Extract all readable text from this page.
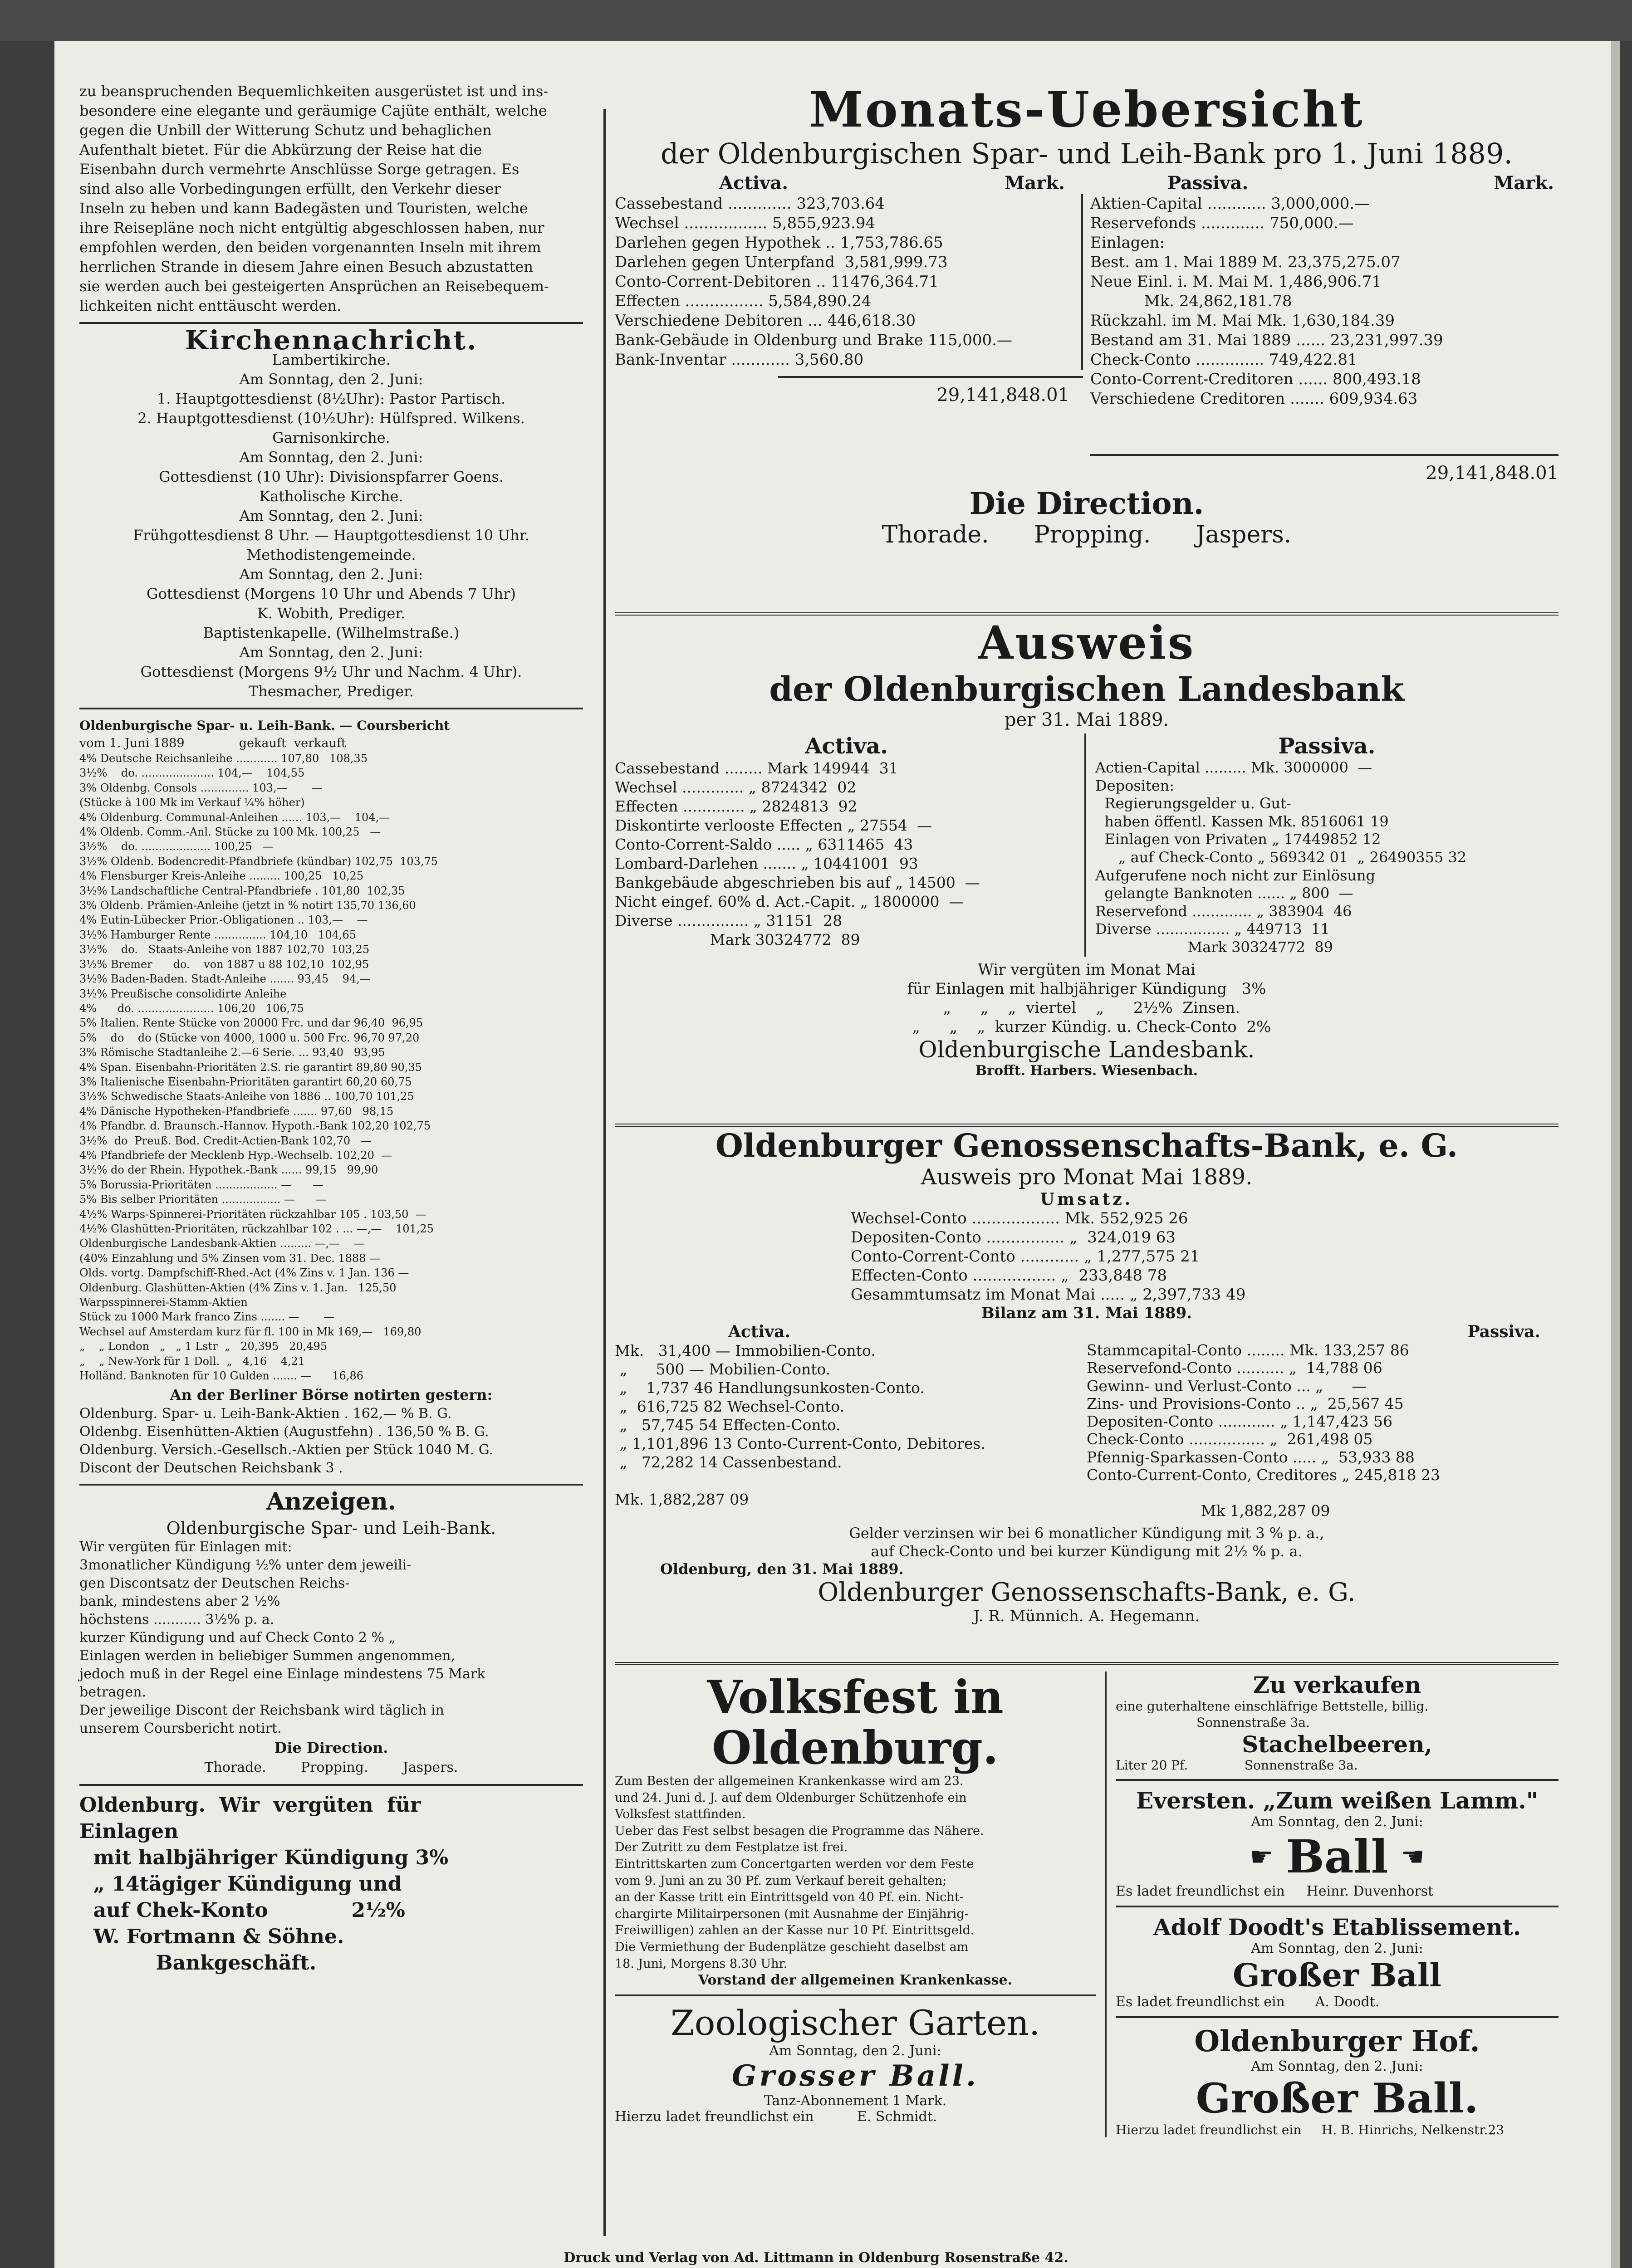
zu beanspruchenden Bequemlichkeiten ausgerüstet ist und ins-
besondere eine elegante und geräumige Cajüte enthält, welche
gegen die Unbill der Witterung Schutz und behaglichen
Aufenthalt bietet. Für die Abkürzung der Reise hat die
Eisenbahn durch vermehrte Anschlüsse Sorge getragen. Es
sind also alle Vorbedingungen erfüllt, den Verkehr dieser
Inseln zu heben und kann Badegästen und Touristen, welche
ihre Reisepläne noch nicht entgültig abgeschlossen haben, nur
empfohlen werden, den beiden vorgenannten Inseln mit ihrem
herrlichen Strande in diesem Jahre einen Besuch abzustatten
sie werden auch bei gesteigerten Ansprüchen an Reisebequem-
lichkeiten nicht enttäuscht werden.
Kirchennachricht.
Lambertikirche.
Am Sonntag, den 2. Juni:
1. Hauptgottesdienst (8½Uhr): Pastor Partisch.
2. Hauptgottesdienst (10½Uhr): Hülfspred. Wilkens.
Garnisonkirche.
Am Sonntag, den 2. Juni:
Gottesdienst (10 Uhr): Divisionspfarrer Goens.
Katholische Kirche.
Am Sonntag, den 2. Juni:
Frühgottesdienst 8 Uhr. — Hauptgottesdienst 10 Uhr.
Methodistengemeinde.
Am Sonntag, den 2. Juni:
Gottesdienst (Morgens 10 Uhr und Abends 7 Uhr)
K. Wobith, Prediger.
Baptistenkapelle. (Wilhelmstraße.)
Am Sonntag, den 2. Juni:
Gottesdienst (Morgens 9½ Uhr und Nachm. 4 Uhr).
Thesmacher, Prediger.
Oldenburgische Spar- u. Leih-Bank. — Coursbericht
vom 1. Juni 1889              gekauft  verkauft
4% Deutsche Reichsanleihe ............ 107,80   108,35
3½%    do. ..................... 104,—    104,55
3% Oldenbg. Consols .............. 103,—       —
(Stücke à 100 Mk im Verkauf ¼% höher)
4% Oldenburg. Communal-Anleihen ...... 103,—    104,—
4% Oldenb. Comm.-Anl. Stücke zu 100 Mk. 100,25   —
3½%    do. .................... 100,25   —
3½% Oldenb. Bodencredit-Pfandbriefe (kündbar) 102,75  103,75
4% Flensburger Kreis-Anleihe ......... 100,25   10,25
3½% Landschaftliche Central-Pfandbriefe . 101,80  102,35
3% Oldenb. Prämien-Anleihe (jetzt in % notirt 135,70 136,60
4% Eutin-Lübecker Prior.-Obligationen .. 103,—    —
3½% Hamburger Rente ............... 104,10   104,65
3½%    do.   Staats-Anleihe von 1887 102,70  103,25
3½% Bremer      do.    von 1887 u 88 102,10  102,95
3½% Baden-Baden. Stadt-Anleihe ....... 93,45    94,—
3½% Preußische consolidirte Anleihe
4%      do. ...................... 106,20   106,75
5% Italien. Rente Stücke von 20000 Frc. und dar 96,40  96,95
5%    do    do (Stücke von 4000, 1000 u. 500 Frc. 96,70 97,20
3% Römische Stadtanleihe 2.—6 Serie. ... 93,40   93,95
4% Span. Eisenbahn-Prioritäten 2.S. rie garantirt 89,80 90,35
3% Italienische Eisenbahn-Prioritäten garantirt 60,20 60,75
3½% Schwedische Staats-Anleihe von 1886 .. 100,70 101,25
4% Dänische Hypotheken-Pfandbriefe ....... 97,60   98,15
4% Pfandbr. d. Braunsch.-Hannov. Hypoth.-Bank 102,20 102,75
3½%  do  Preuß. Bod. Credit-Actien-Bank 102,70   —
4% Pfandbriefe der Mecklenb Hyp.-Wechselb. 102,20  —
3½% do der Rhein. Hypothek.-Bank ...... 99,15   99,90
5% Borussia-Prioritäten .................. —      —
5% Bis selber Prioritäten ................. —      —
4½% Warps-Spinnerei-Prioritäten rückzahlbar 105 . 103,50  —
4½% Glashütten-Prioritäten, rückzahlbar 102 . ... —,—    101,25
Oldenburgische Landesbank-Aktien ......... —,—    —
(40% Einzahlung und 5% Zinsen vom 31. Dec. 1888 —
Olds. vortg. Dampfschiff-Rhed.-Act (4% Zins v. 1 Jan. 136 —
Oldenburg. Glashütten-Aktien (4% Zins v. 1. Jan.   125,50
Warpsspinnerei-Stamm-Aktien
Stück zu 1000 Mark franco Zins ....... —       —
Wechsel auf Amsterdam kurz für fl. 100 in Mk 169,—   169,80
„    „ London   „   „ 1 Lstr  „   20,395   20,495
„    „ New-York für 1 Doll.  „   4,16    4,21
Holländ. Banknoten für 10 Gulden ....... —      16,86
An der Berliner Börse notirten gestern:
Oldenburg. Spar- u. Leih-Bank-Aktien . 162,— % B. G.
Oldenbg. Eisenhütten-Aktien (Augustfehn) . 136,50 % B. G.
Oldenburg. Versich.-Gesellsch.-Aktien per Stück 1040 M. G.
Discont der Deutschen Reichsbank 3 .
Anzeigen.
Oldenburgische Spar- und Leih-Bank.
Wir vergüten für Einlagen mit:
3monatlicher Kündigung ½% unter dem jeweili-
gen Discontsatz der Deutschen Reichs-
bank, mindestens aber 2 ½%
höchstens ........... 3½% p. a.
kurzer Kündigung und auf Check Conto 2 % „
Einlagen werden in beliebiger Summen angenommen,
jedoch muß in der Regel eine Einlage mindestens 75 Mark
betragen.
Der jeweilige Discont der Reichsbank wird täglich in
unserem Coursbericht notirt.
Die Direction.
Thorade.        Propping.        Jaspers.
Oldenburg.  Wir  vergüten  für
Einlagen
mit halbjähriger Kündigung 3%
„ 14tägiger Kündigung und
auf Chek-Konto            2½%
W. Fortmann & Söhne.
Bankgeschäft.
Monats-Uebersicht
der Oldenburgischen Spar- und Leih-Bank pro 1. Juni 1889.
Activa.	Mark.
Cassebestand ............. 323,703.64
Wechsel ................. 5,855,923.94
Darlehen gegen Hypothek .. 1,753,786.65
Darlehen gegen Unterpfand  3,581,999.73
Conto-Corrent-Debitoren .. 11476,364.71
Effecten ................ 5,584,890.24
Verschiedene Debitoren ... 446,618.30
Bank-Gebäude in Oldenburg und Brake 115,000.—
Bank-Inventar ............ 3,560.80
29,141,848.01
Passiva.	Mark.
Aktien-Capital ............ 3,000,000.—
Reservefonds ............. 750,000.—
Einlagen:
Best. am 1. Mai 1889 M. 23,375,275.07
Neue Einl. i. M. Mai M. 1,486,906.71
Mk. 24,862,181.78
Rückzahl. im M. Mai Mk. 1,630,184.39
Bestand am 31. Mai 1889 ...... 23,231,997.39
Check-Conto .............. 749,422.81
Conto-Corrent-Creditoren ...... 800,493.18
Verschiedene Creditoren ....... 609,934.63
29,141,848.01
Die Direction.
Thorade.      Propping.      Jaspers.
Ausweis
der Oldenburgischen Landesbank
per 31. Mai 1889.
Activa.
Cassebestand ........ Mark 149944  31
Wechsel ............. „ 8724342  02
Effecten ............. „ 2824813  92
Diskontirte verlooste Effecten „ 27554  —
Conto-Corrent-Saldo ..... „ 6311465  43
Lombard-Darlehen ....... „ 10441001  93
Bankgebäude abgeschrieben bis auf „ 14500  —
Nicht eingef. 60% d. Act.-Capit. „ 1800000  —
Diverse ............... „ 31151  28
Mark 30324772  89
Passiva.
Actien-Capital ......... Mk. 3000000  —
Depositen:
Regierungsgelder u. Gut-
haben öffentl. Kassen Mk. 8516061 19
Einlagen von Privaten „ 17449852 12
„ auf Check-Conto „ 569342 01  „ 26490355 32
Aufgerufene noch nicht zur Einlösung
gelangte Banknoten ...... „ 800  —
Reservefond ............. „ 383904  46
Diverse ................ „ 449713  11
Mark 30324772  89
Wir vergüten im Monat Mai
für Einlagen mit halbjähriger Kündigung   3%
„      „    „  viertel    „      2½%  Zinsen.
„      „    „  kurzer Kündig. u. Check-Conto  2%
Oldenburgische Landesbank.
Brofft. Harbers. Wiesenbach.
Oldenburger Genossenschafts-Bank, e. G.
Ausweis pro Monat Mai 1889.
Umsatz.
Wechsel-Conto .................. Mk. 552,925 26
Depositen-Conto ................ „  324,019 63
Conto-Corrent-Conto ............ „ 1,277,575 21
Effecten-Conto ................. „  233,848 78
Gesammtumsatz im Monat Mai ..... „ 2,397,733 49
Bilanz am 31. Mai 1889.
Activa.
Mk.   31,400 — Immobilien-Conto.
„      500 — Mobilien-Conto.
„    1,737 46 Handlungsunkosten-Conto.
„  616,725 82 Wechsel-Conto.
„   57,745 54 Effecten-Conto.
„ 1,101,896 13 Conto-Current-Conto, Debitores.
„   72,282 14 Cassenbestand.

Mk. 1,882,287 09
Passiva.
Stammcapital-Conto ........ Mk. 133,257 86
Reservefond-Conto .......... „  14,788 06
Gewinn- und Verlust-Conto ... „      —
Zins- und Provisions-Conto .. „  25,567 45
Depositen-Conto ............ „ 1,147,423 56
Check-Conto ................ „  261,498 05
Pfennig-Sparkassen-Conto ..... „  53,933 88
Conto-Current-Conto, Creditores „ 245,818 23

Mk 1,882,287 09
Gelder verzinsen wir bei 6 monatlicher Kündigung mit 3 % p. a.,
auf Check-Conto und bei kurzer Kündigung mit 2½ % p. a.
Oldenburg, den 31. Mai 1889.
Oldenburger Genossenschafts-Bank, e. G.
J. R. Münnich. A. Hegemann.
Volksfest in Oldenburg.
Zum Besten der allgemeinen Krankenkasse wird am 23.
und 24. Juni d. J. auf dem Oldenburger Schützenhofe ein
Volksfest stattfinden.
Ueber das Fest selbst besagen die Programme das Nähere.
Der Zutritt zu dem Festplatze ist frei.
Eintrittskarten zum Concertgarten werden vor dem Feste
vom 9. Juni an zu 30 Pf. zum Verkauf bereit gehalten;
an der Kasse tritt ein Eintrittsgeld von 40 Pf. ein. Nicht-
chargirte Militairpersonen (mit Ausnahme der Einjährig-
Freiwilligen) zahlen an der Kasse nur 10 Pf. Eintrittsgeld.
Die Vermiethung der Budenplätze geschieht daselbst am
18. Juni, Morgens 8.30 Uhr.
Vorstand der allgemeinen Krankenkasse.
Zoologischer Garten.
Am Sonntag, den 2. Juni:
Grosser Ball.
Tanz-Abonnement 1 Mark.
Hierzu ladet freundlichst ein          E. Schmidt.
Zu verkaufen
eine guterhaltene einschläfrige Bettstelle, billig.
Sonnenstraße 3a.
Stachelbeeren,
Liter 20 Pf.              Sonnenstraße 3a.
Eversten. „Zum weißen Lamm."
Am Sonntag, den 2. Juni:
☛ Ball ☚
Es ladet freundlichst ein     Heinr. Duvenhorst
Adolf Doodt's Etablissement.
Am Sonntag, den 2. Juni:
Großer Ball
Es ladet freundlichst ein       A. Doodt.
Oldenburger Hof.
Am Sonntag, den 2. Juni:
Großer Ball.
Hierzu ladet freundlichst ein     H. B. Hinrichs, Nelkenstr.23
Druck und Verlag von Ad. Littmann in Oldenburg Rosenstraße 42.
